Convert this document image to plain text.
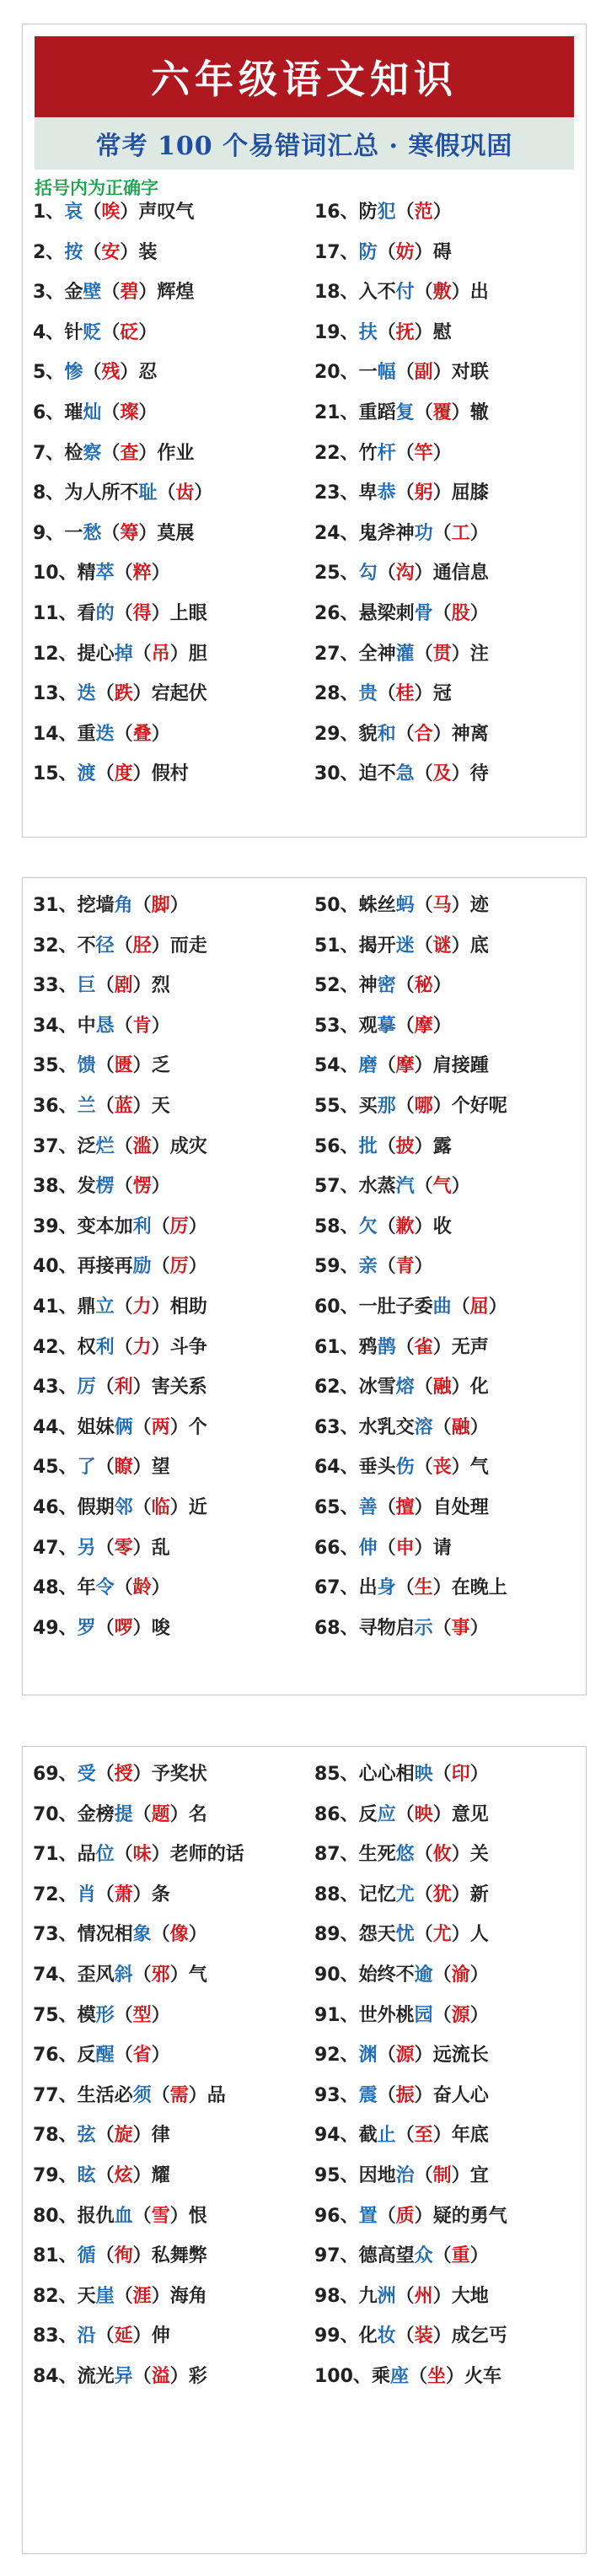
六年级语文知识
常考 100 个易错词汇总 · 寒假巩固
括号内为正确字
1、哀（唉）声叹气
2、按（安）装
3、金壁（碧）辉煌
4、针贬（砭）
5、惨（残）忍
6、璀灿（璨）
7、检察（查）作业
8、为人所不耻（齿）
9、一愁（筹）莫展
10、精萃（粹）
11、看的（得）上眼
12、提心掉（吊）胆
13、迭（跌）宕起伏
14、重迭（叠）
15、渡（度）假村
16、防犯（范）
17、防（妨）碍
18、入不付（敷）出
19、扶（抚）慰
20、一幅（副）对联
21、重蹈复（覆）辙
22、竹杆（竿）
23、卑恭（躬）屈膝
24、鬼斧神功（工）
25、勾（沟）通信息
26、悬梁刺骨（股）
27、全神灌（贯）注
28、贵（桂）冠
29、貌和（合）神离
30、迫不急（及）待
31、挖墙角（脚）
32、不径（胫）而走
33、巨（剧）烈
34、中恳（肯）
35、馈（匮）乏
36、兰（蓝）天
37、泛烂（滥）成灾
38、发楞（愣）
39、变本加利（厉）
40、再接再励（厉）
41、鼎立（力）相助
42、权利（力）斗争
43、厉（利）害关系
44、姐妹俩（两）个
45、了（瞭）望
46、假期邻（临）近
47、另（零）乱
48、年令（龄）
49、罗（啰）唆
50、蛛丝蚂（马）迹
51、揭开迷（谜）底
52、神密（秘）
53、观摹（摩）
54、磨（摩）肩接踵
55、买那（哪）个好呢
56、批（披）露
57、水蒸汽（气）
58、欠（歉）收
59、亲（青）
60、一肚子委曲（屈）
61、鸦鹊（雀）无声
62、冰雪熔（融）化
63、水乳交溶（融）
64、垂头伤（丧）气
65、善（擅）自处理
66、伸（申）请
67、出身（生）在晚上
68、寻物启示（事）
69、受（授）予奖状
70、金榜提（题）名
71、品位（味）老师的话
72、肖（萧）条
73、情况相象（像）
74、歪风斜（邪）气
75、模形（型）
76、反醒（省）
77、生活必须（需）品
78、弦（旋）律
79、眩（炫）耀
80、报仇血（雪）恨
81、循（徇）私舞弊
82、天崖（涯）海角
83、沿（延）伸
84、流光异（溢）彩
85、心心相映（印）
86、反应（映）意见
87、生死悠（攸）关
88、记忆尤（犹）新
89、怨天忧（尤）人
90、始终不逾（渝）
91、世外桃园（源）
92、渊（源）远流长
93、震（振）奋人心
94、截止（至）年底
95、因地治（制）宜
96、置（质）疑的勇气
97、德高望众（重）
98、九洲（州）大地
99、化妆（装）成乞丐
100、乘座（坐）火车
